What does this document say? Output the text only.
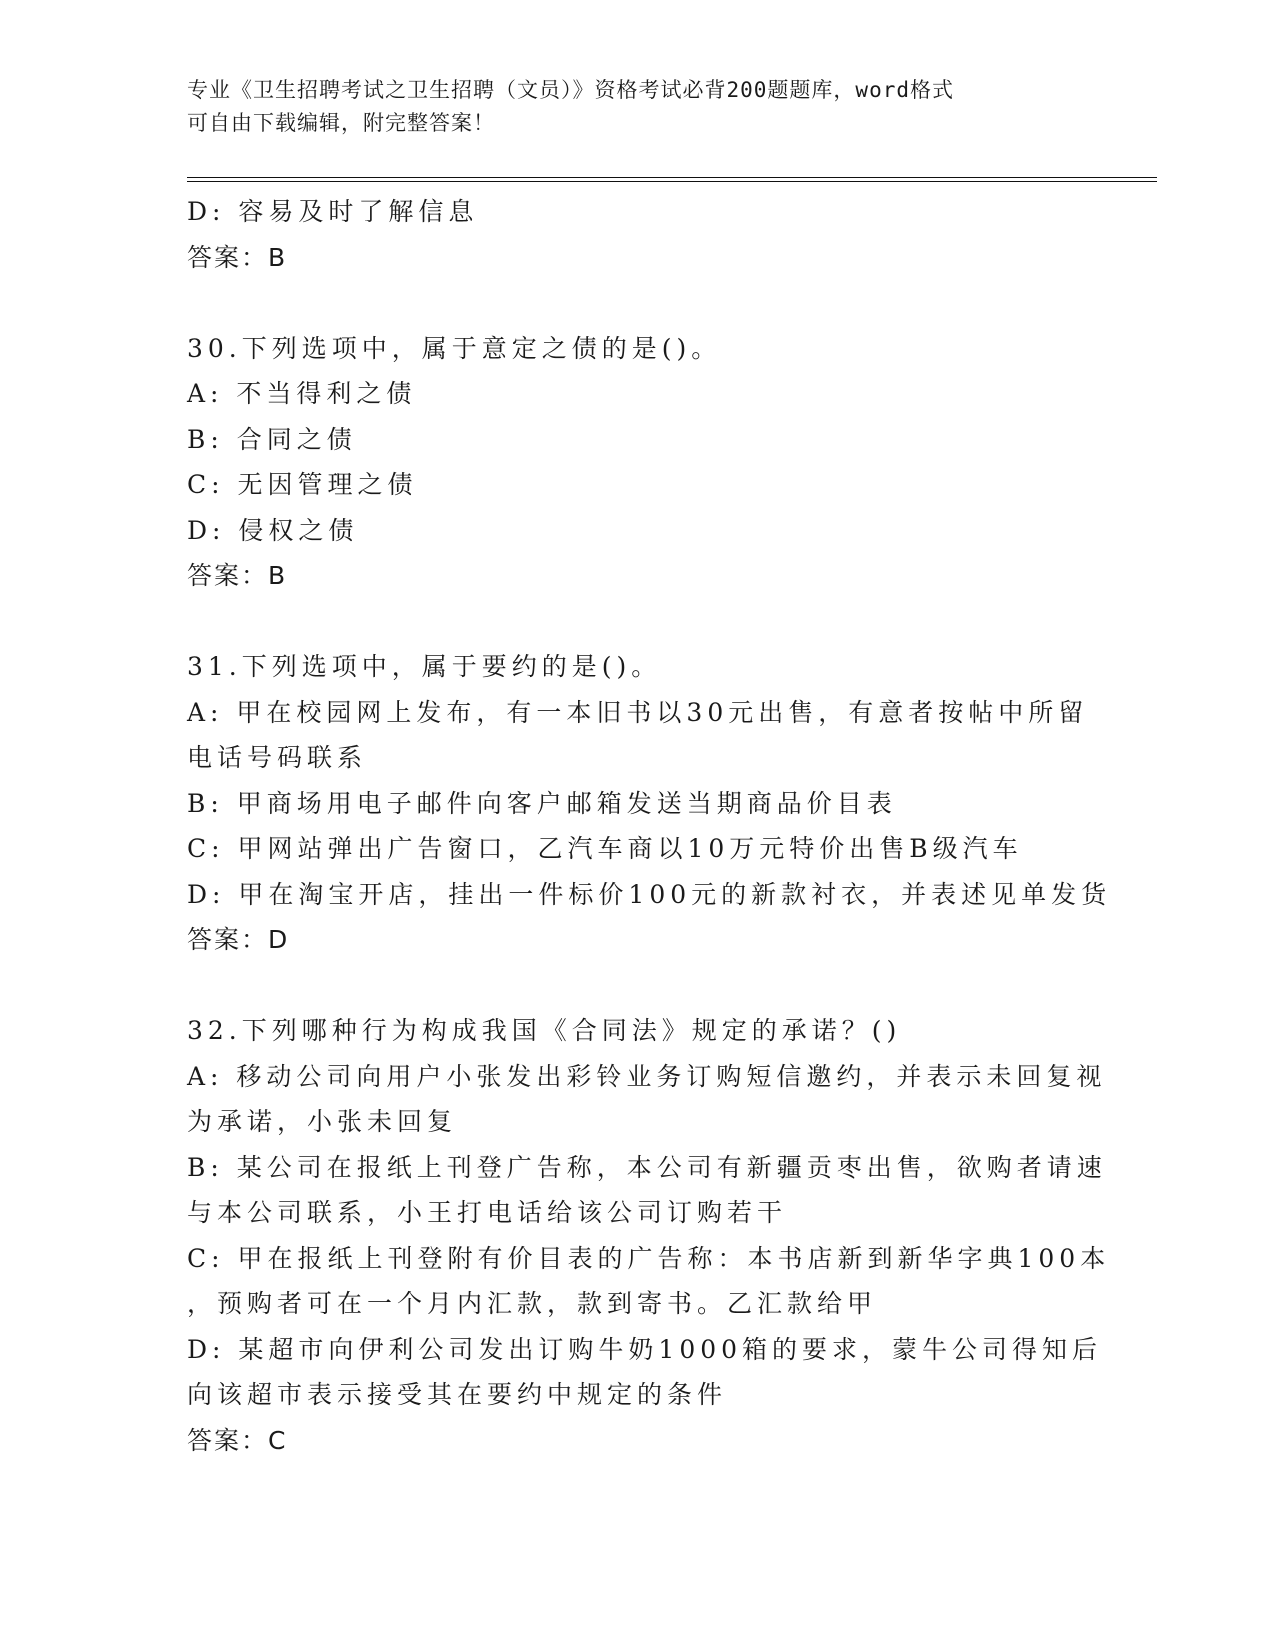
专业《卫生招聘考试之卫生招聘（文员）》资格考试必背200题题库，word格式
可自由下载编辑，附完整答案！
D: 容易及时了解信息
答案：B
30.下列选项中，属于意定之债的是()。
A: 不当得利之债
B: 合同之债
C: 无因管理之债
D: 侵权之债
答案：B
31.下列选项中，属于要约的是()。
A: 甲在校园网上发布，有一本旧书以30元出售，有意者按帖中所留
电话号码联系
B: 甲商场用电子邮件向客户邮箱发送当期商品价目表
C: 甲网站弹出广告窗口，乙汽车商以10万元特价出售B级汽车
D: 甲在淘宝开店，挂出一件标价100元的新款衬衣，并表述见单发货
答案：D
32.下列哪种行为构成我国《合同法》规定的承诺？()
A: 移动公司向用户小张发出彩铃业务订购短信邀约，并表示未回复视
为承诺，小张未回复
B: 某公司在报纸上刊登广告称，本公司有新疆贡枣出售，欲购者请速
与本公司联系，小王打电话给该公司订购若干
C: 甲在报纸上刊登附有价目表的广告称：本书店新到新华字典100本
，预购者可在一个月内汇款，款到寄书。乙汇款给甲
D: 某超市向伊利公司发出订购牛奶1000箱的要求，蒙牛公司得知后
向该超市表示接受其在要约中规定的条件
答案：C
